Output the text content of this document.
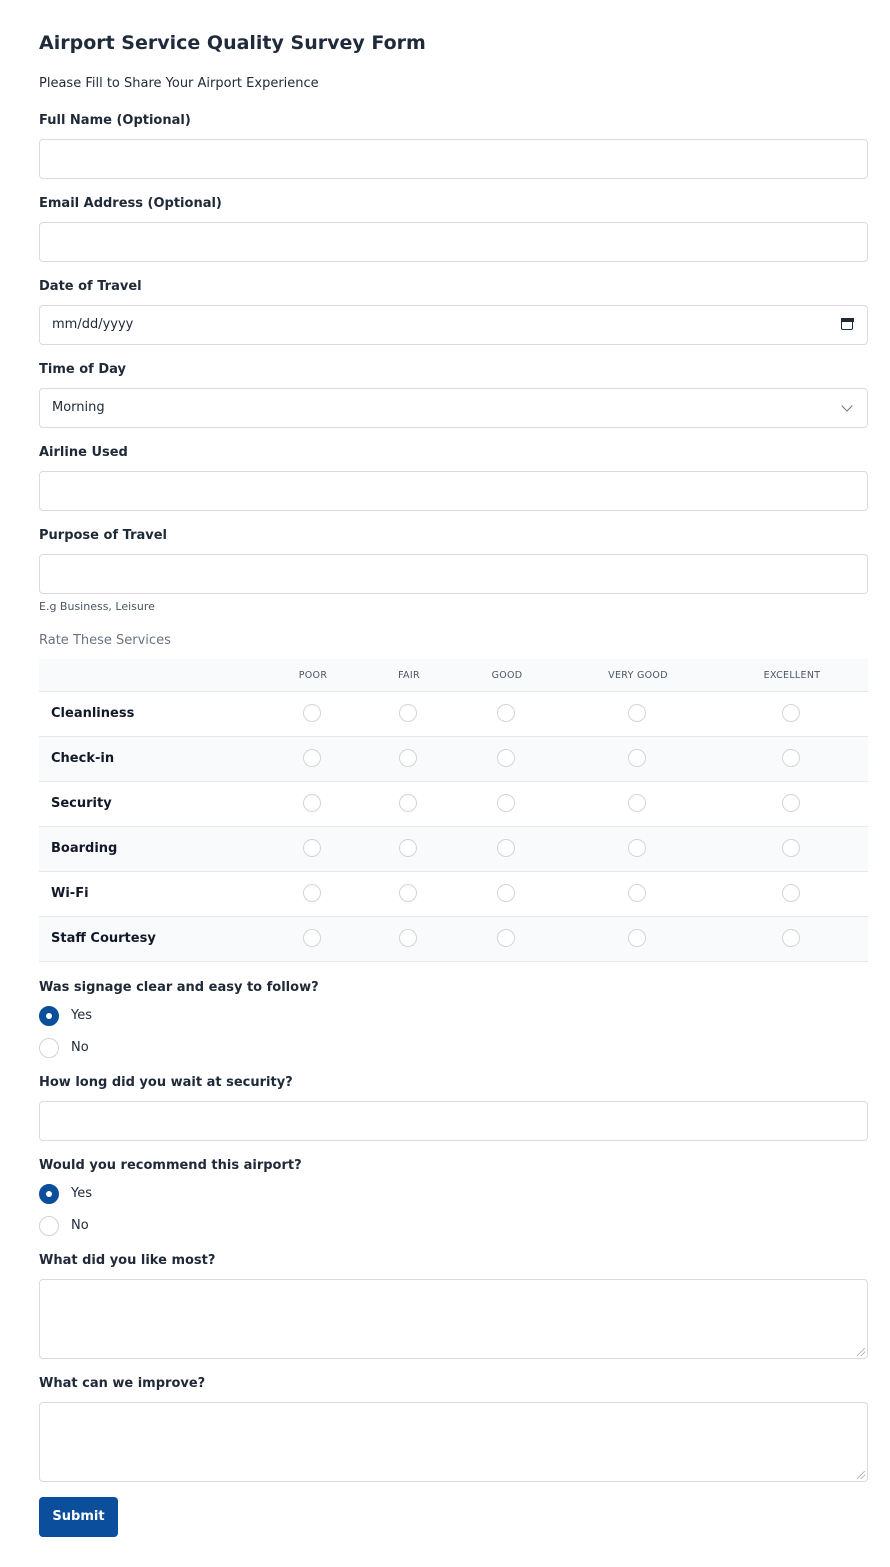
Airport Service Quality Survey Form
Please Fill to Share Your Airport Experience
Full Name (Optional)
Email Address (Optional)
Date of Travel
mm/dd/yyyy
Time of Day
Morning
Airline Used
Purpose of Travel
E.g Business, Leisure
Rate These Services
POOR	FAIR	GOOD	VERY GOOD	EXCELLENT
Cleanliness
Check-in
Security
Boarding
Wi-Fi
Staff Courtesy
Was signage clear and easy to follow?
Yes
No
How long did you wait at security?
Would you recommend this airport?
Yes
No
What did you like most?
What can we improve?
Submit
